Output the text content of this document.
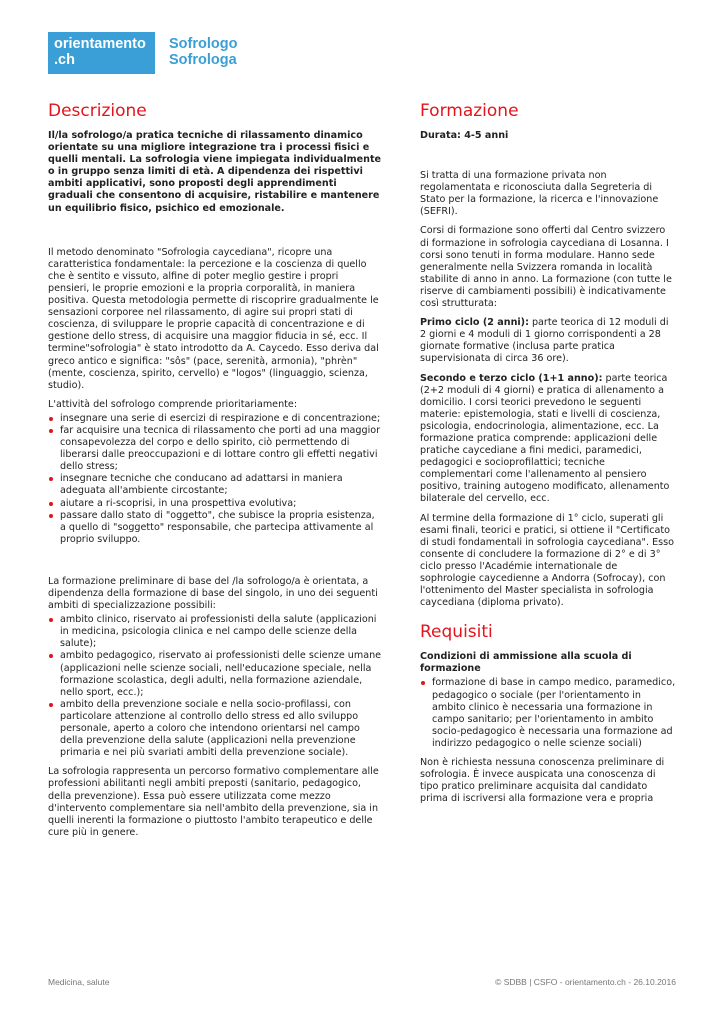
orientamento
.ch
Sofrologo
Sofrologa
Descrizione

Il/la sofrologo/a pratica tecniche di rilassamento dinamico orientate su una migliore integrazione tra i processi fisici e quelli mentali. La sofrologia viene impiegata individualmente o in gruppo senza limiti di età. A dipendenza dei rispettivi ambiti applicativi, sono proposti degli apprendimenti graduali che consentono di acquisire, ristabilire e mantenere un equilibrio fisico, psichico ed emozionale.

Il metodo denominato "Sofrologia caycediana", ricopre una caratteristica fondamentale: la percezione e la coscienza di quello che è sentito e vissuto, alfine di poter meglio gestire i propri pensieri, le proprie emozioni e la propria corporalità, in maniera positiva. Questa metodologia permette di riscoprire gradualmente le sensazioni corporee nel rilassamento, di agire sui propri stati di coscienza, di sviluppare le proprie capacità di concentrazione e di gestione dello stress, di acquisire una maggior fiducia in sé, ecc. Il termine"sofrologia" è stato introdotto da A. Caycedo. Esso deriva dal greco antico e significa: "sôs" (pace, serenità, armonia), "phrèn" (mente, coscienza, spirito, cervello) e "logos" (linguaggio, scienza, studio).

L'attività del sofrologo comprende prioritariamente:

insegnare una serie di esercizi di respirazione e di concentrazione;
far acquisire una tecnica di rilassamento che porti ad una maggior consapevolezza del corpo e dello spirito, ciò permettendo di liberarsi dalle preoccupazioni e di lottare contro gli effetti negativi dello stress;
insegnare tecniche che conducano ad adattarsi in maniera adeguata all'ambiente circostante;
aiutare a ri-scoprisi, in una prospettiva evolutiva;
passare dallo stato di "oggetto", che subisce la propria esistenza, a quello di "soggetto" responsabile, che partecipa attivamente al proprio sviluppo.

La formazione preliminare di base del /la sofrologo/a è orientata, a dipendenza della formazione di base del singolo, in uno dei seguenti ambiti di specializzazione possibili:

ambito clinico, riservato ai professionisti della salute (applicazioni in medicina, psicologia clinica e nel campo delle scienze della salute);
ambito pedagogico, riservato ai professionisti delle scienze umane (applicazioni nelle scienze sociali, nell'educazione speciale, nella formazione scolastica, degli adulti, nella formazione aziendale, nello sport, ecc.);
ambito della prevenzione sociale e nella socio-profilassi, con particolare attenzione al controllo dello stress ed allo sviluppo personale, aperto a coloro che intendono orientarsi nel campo della prevenzione della salute (applicazioni nella prevenzione primaria e nei più svariati ambiti della prevenzione sociale).

La sofrologia rappresenta un percorso formativo complementare alle professioni abilitanti negli ambiti preposti (sanitario, pedagogico, della prevenzione). Essa può essere utilizzata come mezzo d'intervento complementare sia nell'ambito della prevenzione, sia in quelli inerenti la formazione o piuttosto l'ambito terapeutico e delle cure più in genere.

Formazione

Durata: 4-5 anni

Si tratta di una formazione privata non regolamentata e riconosciuta dalla Segreteria di Stato per la formazione, la ricerca e l'innovazione (SEFRI).

Corsi di formazione sono offerti dal Centro svizzero di formazione in sofrologia caycediana di Losanna. I corsi sono tenuti in forma modulare. Hanno sede generalmente nella Svizzera romanda in località stabilite di anno in anno. La formazione (con tutte le riserve di cambiamenti possibili) è indicativamente così strutturata:

Primo ciclo (2 anni): parte teorica di 12 moduli di 2 giorni e 4 moduli di 1 giorno corrispondenti a 28 giornate formative (inclusa parte pratica supervisionata di circa 36 ore).

Secondo e terzo ciclo (1+1 anno): parte teorica (2+2 moduli di 4 giorni) e pratica di allenamento a domicilio. I corsi teorici prevedono le seguenti materie: epistemologia, stati e livelli di coscienza, psicologia, endocrinologia, alimentazione, ecc. La formazione pratica comprende: applicazioni delle pratiche caycediane a fini medici, paramedici, pedagogici e socioprofilattici; tecniche complementari come l'allenamento al pensiero positivo, training autogeno modificato, allenamento bilaterale del cervello, ecc.

Al termine della formazione di 1° ciclo, superati gli esami finali, teorici e pratici, si ottiene il "Certificato di studi fondamentali in sofrologia caycediana". Esso consente di concludere la formazione di 2° e di 3° ciclo presso l'Académie internationale de sophrologie caycedienne a Andorra (Sofrocay), con l'ottenimento del Master specialista in sofrologia caycediana (diploma privato).

Requisiti

Condizioni di ammissione alla scuola di formazione

formazione di base in campo medico, paramedico, pedagogico o sociale (per l'orientamento in ambito clinico è necessaria una formazione in campo sanitario; per l'orientamento in ambito socio-pedagogico è necessaria una formazione ad indirizzo pedagogico o nelle scienze sociali)

Non è richiesta nessuna conoscenza preliminare di sofrologia. È invece auspicata una conoscenza di tipo pratico preliminare acquisita dal candidato prima di iscriversi alla formazione vera e propria

Medicina, salute	© SDBB | CSFO - orientamento.ch - 26.10.2016
